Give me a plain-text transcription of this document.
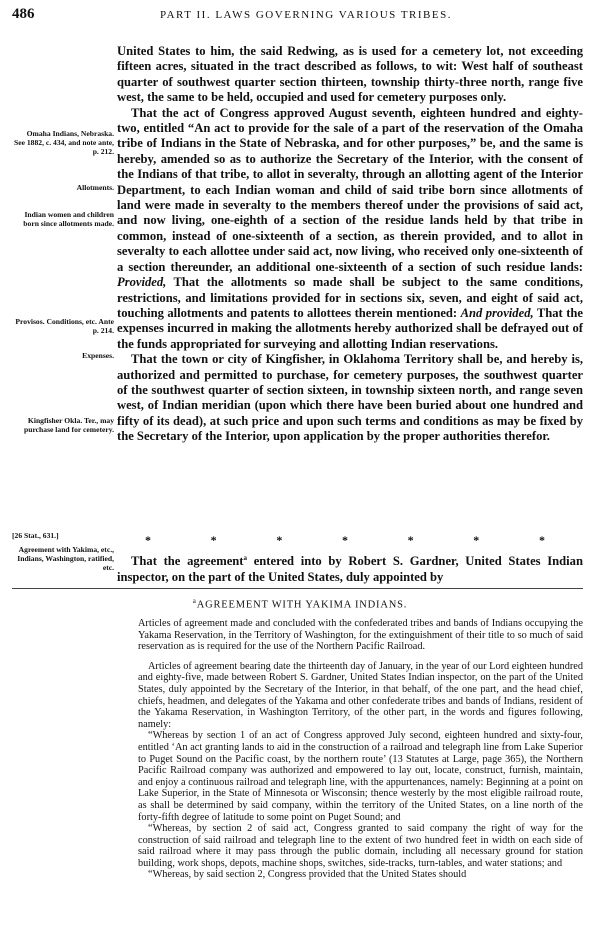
486	PART II. LAWS GOVERNING VARIOUS TRIBES.

United States to him, the said Redwing, as is used for a cemetery lot, not exceeding fifteen acres, situated in the tract described as follows, to wit: West half of southeast quarter of southwest quarter section thirteen, township thirty-three north, range five west, the same to be held, occupied and used for cemetery purposes only.

That the act of Congress approved August seventh, eighteen hundred and eighty-two, entitled “An act to provide for the sale of a part of the reservation of the Omaha tribe of Indians in the State of Nebraska, and for other purposes,” be, and the same is hereby, amended so as to authorize the Secretary of the Interior, with the consent of the Indians of that tribe, to allot in severalty, through an allotting agent of the Interior Department, to each Indian woman and child of said tribe born since allotments of land were made in severalty to the members thereof under the provisions of said act, and now living, one-eighth of a section of the residue lands held by that tribe in common, instead of one-sixteenth of a section, as therein provided, and to allot in severalty to each allottee under said act, now living, who received only one-sixteenth of a section thereunder, an additional one-sixteenth of a section of such residue lands: Provided, That the allotments so made shall be subject to the same conditions, restrictions, and limitations provided for in sections six, seven, and eight of said act, touching allotments and patents to allottees therein mentioned: And provided, That the expenses incurred in making the allotments hereby authorized shall be defrayed out of the funds appropriated for surveying and allotting Indian reservations.

That the town or city of Kingfisher, in Oklahoma Territory shall be, and hereby is, authorized and permitted to purchase, for cemetery purposes, the southwest quarter of the southwest quarter of section sixteen, in township sixteen north, and range seven west, of Indian meridian (upon which there have been buried about one hundred and fifty of its dead), at such price and upon such terms and conditions as may be fixed by the Secretary of the Interior, upon application by the proper authorities therefor.

*	*	*	*	*	*	*

That the agreement$^a$ entered into by Robert S. Gardner, United States Indian inspector, on the part of the United States, duly appointed by

Omaha Indians, Nebraska.
See 1882, c. 434, and note ante, p. 212.
Allotments.
Indian women and children born since allotments made.
Provisos. Conditions, etc. Ante p. 214.
Expenses.
Kingfisher Okla. Ter., may purchase land for cemetery.
[26 Stat., 631.]
Agreement with Yakima, etc., Indians, Washington, ratified, etc.
$^a$AGREEMENT WITH YAKIMA INDIANS.

Articles of agreement made and concluded with the confederated tribes and bands of Indians occupying the Yakama Reservation, in the Territory of Washington, for the extinguishment of their title to so much of said reservation as is required for the use of the Northern Pacific Railroad.

Articles of agreement bearing date the thirteenth day of January, in the year of our Lord eighteen hundred and eighty-five, made between Robert S. Gardner, United States Indian inspector, on the part of the United States, duly appointed by the Secretary of the Interior, in that behalf, of the one part, and the head chief, chiefs, headmen, and delegates of the Yakama and other confederate tribes and bands of Indians, resident of the Yakama Reservation, in Washington Territory, of the other part, in the words and figures following, namely:

“Whereas by section 1 of an act of Congress approved July second, eighteen hundred and sixty-four, entitled ‘An act granting lands to aid in the construction of a railroad and telegraph line from Lake Superior to Puget Sound on the Pacific coast, by the northern route’ (13 Statutes at Large, page 365), the Northern Pacific Railroad company was authorized and empowered to lay out, locate, construct, furnish, maintain, and enjoy a continuous railroad and telegraph line, with the appurtenances, namely: Beginning at a point on Lake Superior, in the State of Minnesota or Wisconsin; thence westerly by the most eligible railroad route, as shall be determined by said company, within the territory of the United States, on a line north of the forty-fifth degree of latitude to some point on Puget Sound; and

“Whereas, by section 2 of said act, Congress granted to said company the right of way for the construction of said railroad and telegraph line to the extent of two hundred feet in width on each side of said railroad where it may pass through the public domain, including all necessary ground for station building, work shops, depots, machine shops, switches, side-tracks, turn-tables, and water stations; and

“Whereas, by said section 2, Congress provided that the United States should
